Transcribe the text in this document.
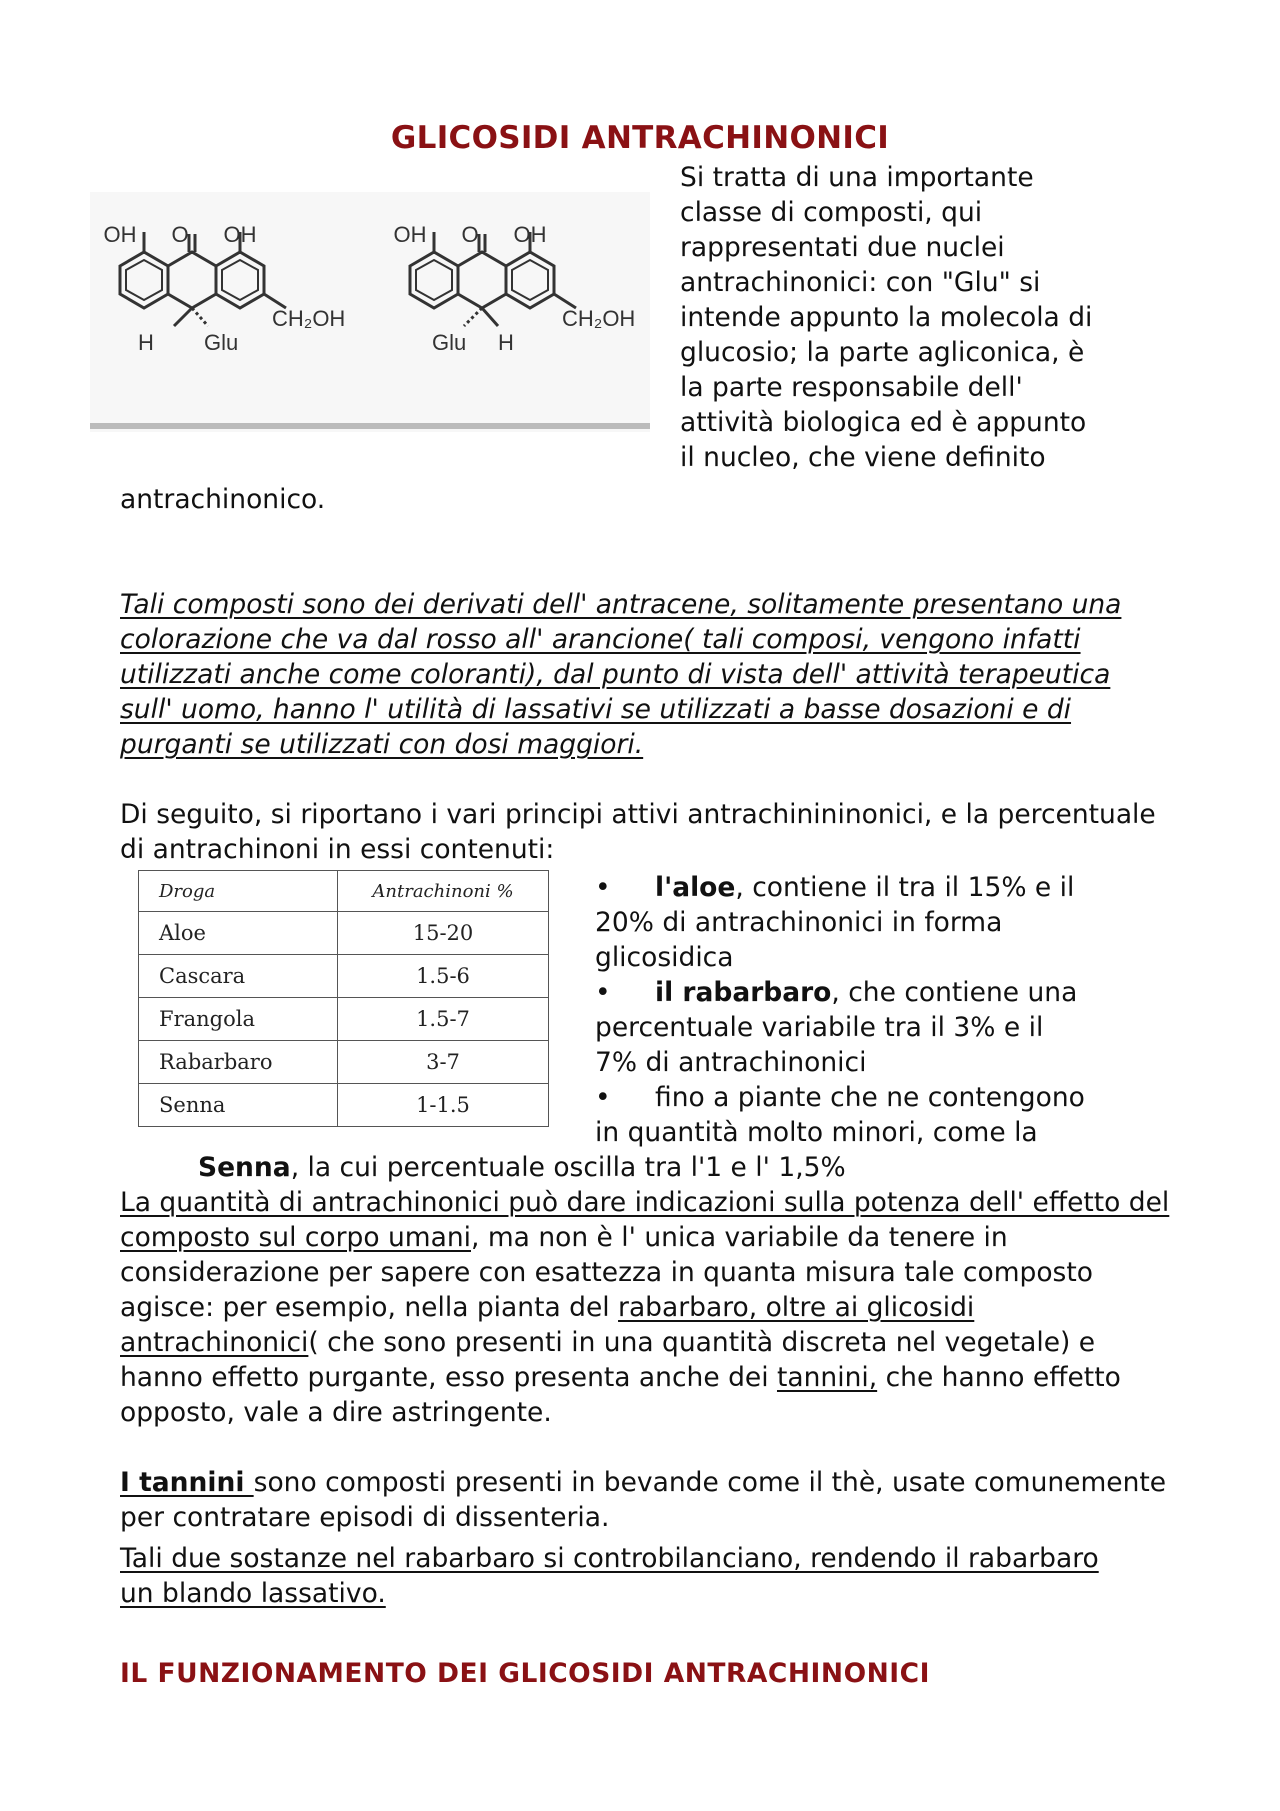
GLICOSIDI ANTRACHINONICI
OH O OH
CH₂OH
H Glu
OH O OH
CH₂OH
Glu H
Si tratta di una importante
classe di composti, qui
rappresentati due nuclei
antrachinonici: con "Glu" si
intende appunto la molecola di
glucosio; la parte agliconica, è
la parte responsabile dell'
attività biologica ed è appunto
il nucleo, che viene definito
antrachinonico.
Tali composti sono dei derivati dell' antracene, solitamente presentano una colorazione che va dal rosso all' arancione( tali composi, vengono infatti utilizzati anche come coloranti), dal punto di vista dell' attività terapeutica sull' uomo, hanno l' utilità di lassativi se utilizzati a basse dosazioni e di purganti se utilizzati con dosi maggiori.
Di seguito, si riportano i vari principi attivi antrachinininonici, e la percentuale di antrachinoni in essi contenuti:
Droga	Antrachinoni %
Aloe	15-20
Cascara	1.5-6
Frangola	1.5-7
Rabarbaro	3-7
Senna	1-1.5
• l'aloe, contiene il tra il 15% e il
20% di antrachinonici in forma
glicosidica
• il rabarbaro, che contiene una
percentuale variabile tra il 3% e il
7% di antrachinonici
• fino a piante che ne contengono
in quantità molto minori, come la
Senna, la cui percentuale oscilla tra l'1 e l' 1,5%
La quantità di antrachinonici può dare indicazioni sulla potenza dell' effetto del composto sul corpo umani, ma non è l' unica variabile da tenere in considerazione per sapere con esattezza in quanta misura tale composto agisce: per esempio, nella pianta del rabarbaro, oltre ai glicosidi antrachinonici( che sono presenti in una quantità discreta nel vegetale) e hanno effetto purgante, esso presenta anche dei tannini, che hanno effetto opposto, vale a dire astringente.
I tannini sono composti presenti in bevande come il thè, usate comunemente per contratare episodi di dissenteria.
Tali due sostanze nel rabarbaro si controbilanciano, rendendo il rabarbaro un blando lassativo.
IL FUNZIONAMENTO DEI GLICOSIDI ANTRACHINONICI
